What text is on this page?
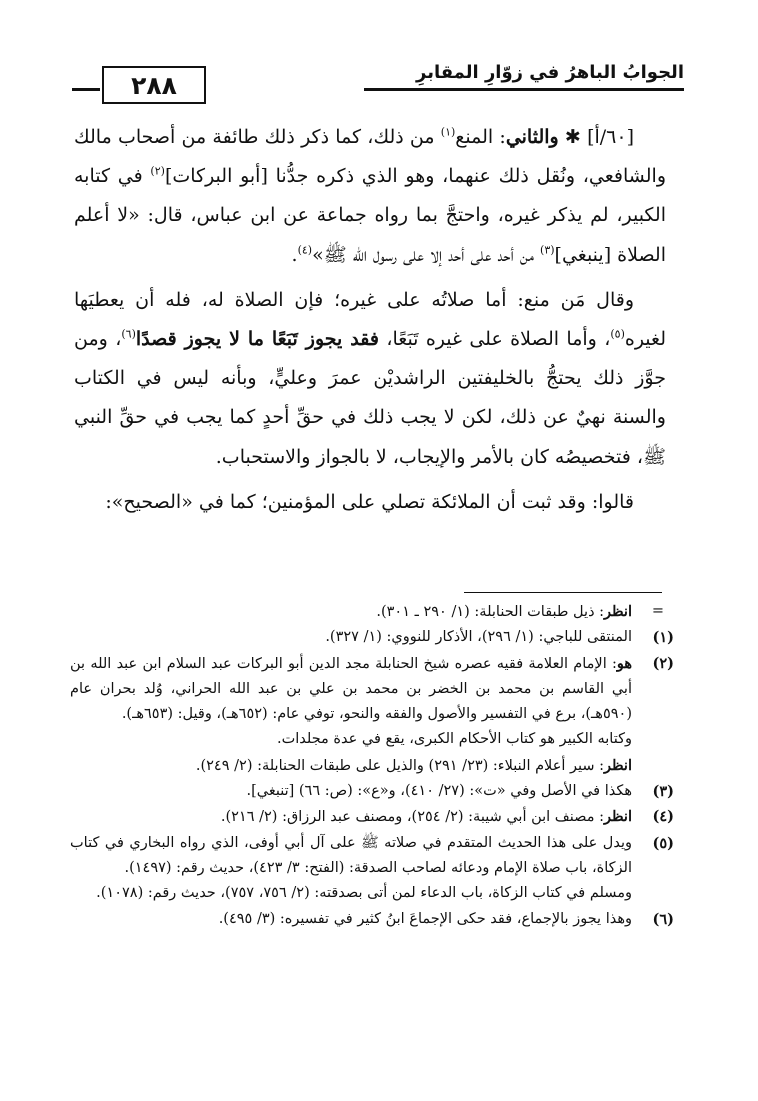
الجوابُ الباهرُ في زوّارِ المقابرِ
٢٨٨

[٦٠/أ] ✱ والثاني: المنع$^{(١)}$ من ذلك، كما ذكر ذلك طائفة من أصحاب مالك والشافعي، ونُقل ذلك عنهما، وهو الذي ذكره جدُّنا [أبو البركات]$^{(٢)}$ في كتابه الكبير، لم يذكر غيره، واحتجَّ بما رواه جماعة عن ابن عباس، قال: «لا أعلم الصلاة [ينبغي]$^{(٣)}$ من أحد على أحد إلا على رسول الله ﷺ»$^{(٤)}$.

وقال مَن منع: أما صلاتُه على غيره؛ فإن الصلاة له، فله أن يعطيَها لغيره$^{(٥)}$، وأما الصلاة على غيره تَبَعًا، فقد يجوز تَبَعًا ما لا يجوز قصدًا$^{(٦)}$، ومن جوَّز ذلك يحتجُّ بالخليفتين الراشديْن عمرَ وعليٍّ، وبأنه ليس في الكتاب والسنة نهيٌ عن ذلك، لكن لا يجب ذلك في حقِّ أحدٍ كما يجب في حقِّ النبي ﷺ، فتخصيصُه كان بالأمر والإيجاب، لا بالجواز والاستحباب.

قالوا: وقد ثبت أن الملائكة تصلي على المؤمنين؛ كما في «الصحيح»:

=
انظر: ذيل طبقات الحنابلة: (١/ ٢٩٠ ـ ٣٠١).

(١)
المنتقى للباجي: (١/ ٢٩٦)، الأذكار للنووي: (١/ ٣٢٧).

(٢)
هو: الإمام العلامة فقيه عصره شيخ الحنابلة مجد الدين أبو البركات عبد السلام ابن عبد الله بن أبي القاسم بن محمد بن الخضر بن محمد بن علي بن عبد الله الحراني، وُلد بحران عام (٥٩٠هـ)، برع في التفسير والأصول والفقه والنحو، توفي عام: (٦٥٢هـ)، وقيل: (٦٥٣هـ).

وكتابه الكبير هو كتاب الأحكام الكبرى، يقع في عدة مجلدات.

انظر: سير أعلام النبلاء: (٢٣/ ٢٩١) والذيل على طبقات الحنابلة: (٢/ ٢٤٩).

(٣)
هكذا في الأصل وفي «ت»: (٢٧/ ٤١٠)، و«ع»: (ص: ٦٦) [تنبغي].

(٤)
انظر: مصنف ابن أبي شيبة: (٢/ ٢٥٤)، ومصنف عبد الرزاق: (٢/ ٢١٦).

(٥)
ويدل على هذا الحديث المتقدم في صلاته ﷺ على آل أبي أوفى، الذي رواه البخاري في كتاب الزكاة، باب صلاة الإمام ودعائه لصاحب الصدقة: (الفتح: ٣/ ٤٢٣)، حديث رقم: (١٤٩٧).

ومسلم في كتاب الزكاة، باب الدعاء لمن أتى بصدقته: (٢/ ٧٥٦، ٧٥٧)، حديث رقم: (١٠٧٨).

(٦)
وهذا يجوز بالإجماع، فقد حكى الإجماعَ ابنُ كثير في تفسيره: (٣/ ٤٩٥).
